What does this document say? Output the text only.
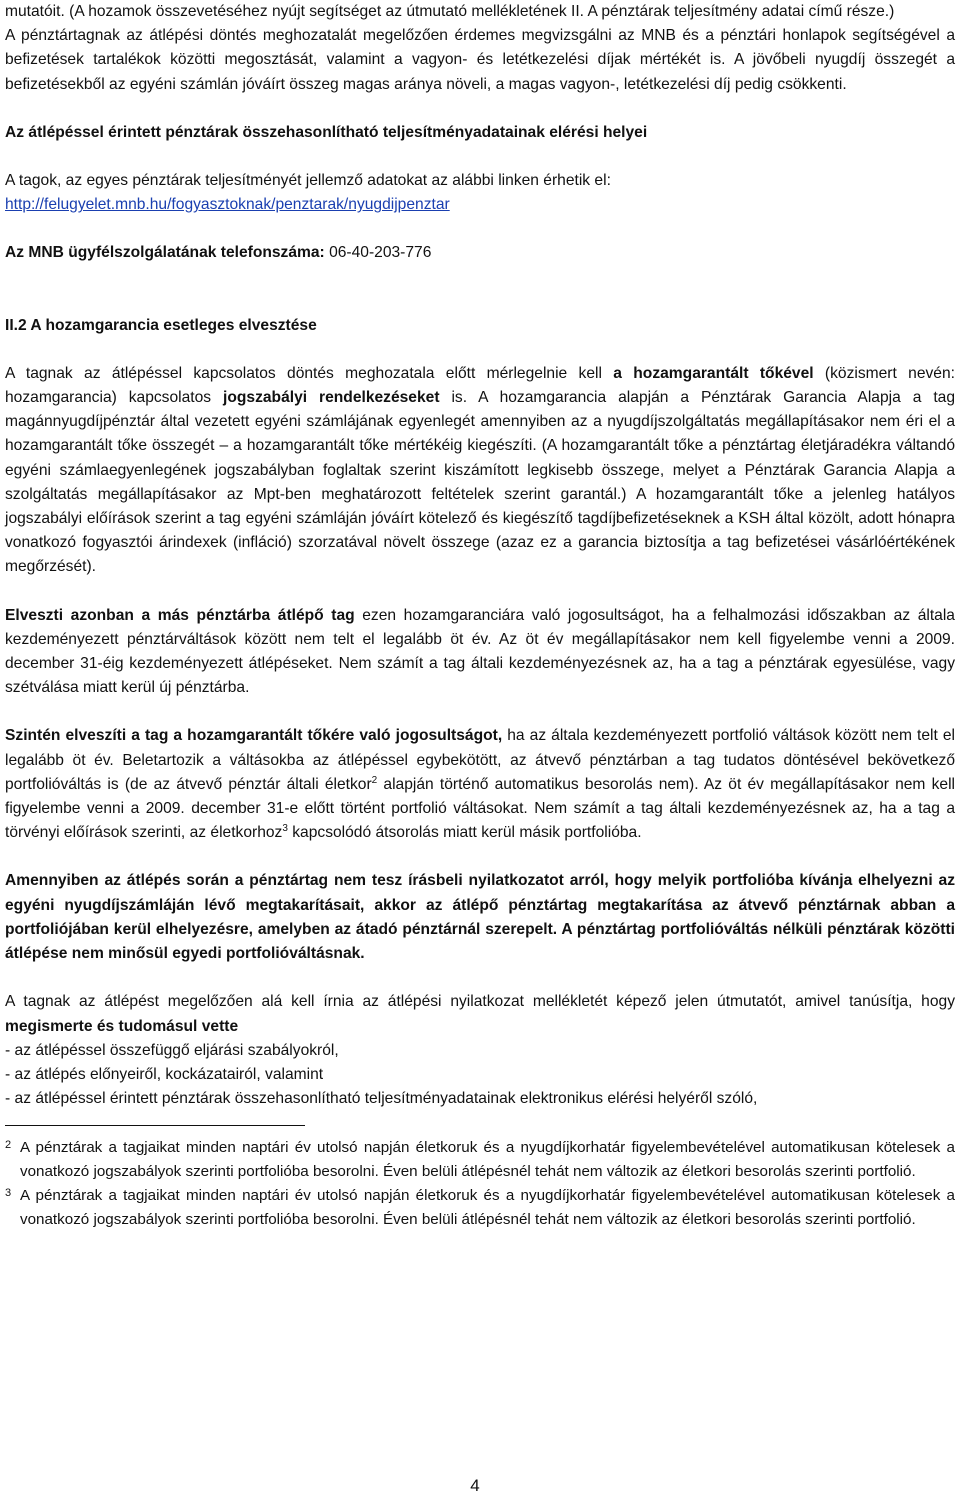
mutatóit. (A hozamok összevetéséhez nyújt segítséget az útmutató mellékletének II. A pénztárak teljesítmény adatai című része.)

A pénztártagnak az átlépési döntés meghozatalát megelőzően érdemes megvizsgálni az MNB és a pénztári honlapok segítségével a befizetések tartalékok közötti megosztását, valamint a vagyon- és letétkezelési díjak mértékét is. A jövőbeli nyugdíj összegét a befizetésekből az egyéni számlán jóváírt összeg magas aránya növeli, a magas vagyon-, letétkezelési díj pedig csökkenti.

Az átlépéssel érintett pénztárak összehasonlítható teljesítményadatainak elérési helyei

A tagok, az egyes pénztárak teljesítményét jellemző adatokat az alábbi linken érhetik el:

http://felugyelet.mnb.hu/fogyasztoknak/penztarak/nyugdijpenztar

Az MNB ügyfélszolgálatának telefonszáma: 06-40-203-776

II.2 A hozamgarancia esetleges elvesztése

A tagnak az átlépéssel kapcsolatos döntés meghozatala előtt mérlegelnie kell a hozamgarantált tőkével (közismert nevén: hozamgarancia) kapcsolatos jogszabályi rendelkezéseket is. A hozamgarancia alapján a Pénztárak Garancia Alapja a tag magánnyugdíjpénztár által vezetett egyéni számlájának egyenlegét amennyiben az a nyugdíjszolgáltatás megállapításakor nem éri el a hozamgarantált tőke összegét – a hozamgarantált tőke mértékéig kiegészíti. (A hozamgarantált tőke a pénztártag életjáradékra váltandó egyéni számlaegyenlegének jogszabályban foglaltak szerint kiszámított legkisebb összege, melyet a Pénztárak Garancia Alapja a szolgáltatás megállapításakor az Mpt-ben meghatározott feltételek szerint garantál.) A hozamgarantált tőke a jelenleg hatályos jogszabályi előírások szerint a tag egyéni számláján jóváírt kötelező és kiegészítő tagdíjbefizetéseknek a KSH által közölt, adott hónapra vonatkozó fogyasztói árindexek (infláció) szorzatával növelt összege (azaz ez a garancia biztosítja a tag befizetései vásárlóértékének megőrzését).

Elveszti azonban a más pénztárba átlépő tag ezen hozamgaranciára való jogosultságot, ha a felhalmozási időszakban az általa kezdeményezett pénztárváltások között nem telt el legalább öt év. Az öt év megállapításakor nem kell figyelembe venni a 2009. december 31-éig kezdeményezett átlépéseket. Nem számít a tag általi kezdeményezésnek az, ha a tag a pénztárak egyesülése, vagy szétválása miatt kerül új pénztárba.

Szintén elveszíti a tag a hozamgarantált tőkére való jogosultságot, ha az általa kezdeményezett portfolió váltások között nem telt el legalább öt év. Beletartozik a váltásokba az átlépéssel egybekötött, az átvevő pénztárban a tag tudatos döntésével bekövetkező portfolióváltás is (de az átvevő pénztár általi életkor$^2$ alapján történő automatikus besorolás nem). Az öt év megállapításakor nem kell figyelembe venni a 2009. december 31-e előtt történt portfolió váltásokat. Nem számít a tag általi kezdeményezésnek az, ha a tag a törvényi előírások szerinti, az életkorhoz$^3$ kapcsolódó átsorolás miatt kerül másik portfolióba.

Amennyiben az átlépés során a pénztártag nem tesz írásbeli nyilatkozatot arról, hogy melyik portfolióba kívánja elhelyezni az egyéni nyugdíjszámláján lévő megtakarításait, akkor az átlépő pénztártag megtakarítása az átvevő pénztárnak abban a portfoliójában kerül elhelyezésre, amelyben az átadó pénztárnál szerepelt. A pénztártag portfolióváltás nélküli pénztárak közötti átlépése nem minősül egyedi portfolióváltásnak.

A tagnak az átlépést megelőzően alá kell írnia az átlépési nyilatkozat mellékletét képező jelen útmutatót, amivel tanúsítja, hogy megismerte és tudomásul vette

- az átlépéssel összefüggő eljárási szabályokról,

- az átlépés előnyeiről, kockázatairól, valamint

- az átlépéssel érintett pénztárak összehasonlítható teljesítményadatainak elektronikus elérési helyéről szóló,

2 A pénztárak a tagjaikat minden naptári év utolsó napján életkoruk és a nyugdíjkorhatár figyelembevételével automatikusan kötelesek a vonatkozó jogszabályok szerinti portfolióba besorolni. Éven belüli átlépésnél tehát nem változik az életkori besorolás szerinti portfolió.
3 A pénztárak a tagjaikat minden naptári év utolsó napján életkoruk és a nyugdíjkorhatár figyelembevételével automatikusan kötelesek a vonatkozó jogszabályok szerinti portfolióba besorolni. Éven belüli átlépésnél tehát nem változik az életkori besorolás szerinti portfolió.
4
